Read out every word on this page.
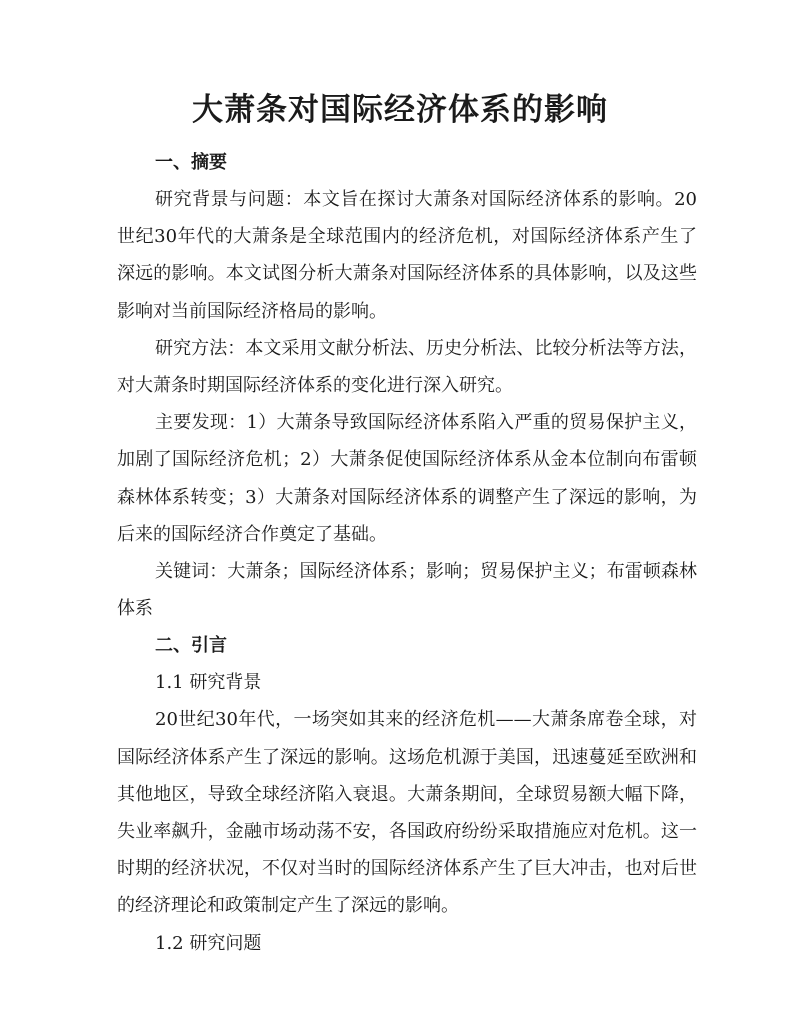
大萧条对国际经济体系的影响

一、摘要

研究背景与问题：本文旨在探讨大萧条对国际经济体系的影响。20世纪30年代的大萧条是全球范围内的经济危机，对国际经济体系产生了深远的影响。本文试图分析大萧条对国际经济体系的具体影响，以及这些影响对当前国际经济格局的影响。

研究方法：本文采用文献分析法、历史分析法、比较分析法等方法，对大萧条时期国际经济体系的变化进行深入研究。

主要发现：1）大萧条导致国际经济体系陷入严重的贸易保护主义，加剧了国际经济危机；2）大萧条促使国际经济体系从金本位制向布雷顿森林体系转变；3）大萧条对国际经济体系的调整产生了深远的影响，为后来的国际经济合作奠定了基础。

关键词：大萧条；国际经济体系；影响；贸易保护主义；布雷顿森林体系

二、引言

1.1 研究背景

20世纪30年代，一场突如其来的经济危机——大萧条席卷全球，对国际经济体系产生了深远的影响。这场危机源于美国，迅速蔓延至欧洲和其他地区，导致全球经济陷入衰退。大萧条期间，全球贸易额大幅下降，失业率飙升，金融市场动荡不安，各国政府纷纷采取措施应对危机。这一时期的经济状况，不仅对当时的国际经济体系产生了巨大冲击，也对后世的经济理论和政策制定产生了深远的影响。

1.2 研究问题
